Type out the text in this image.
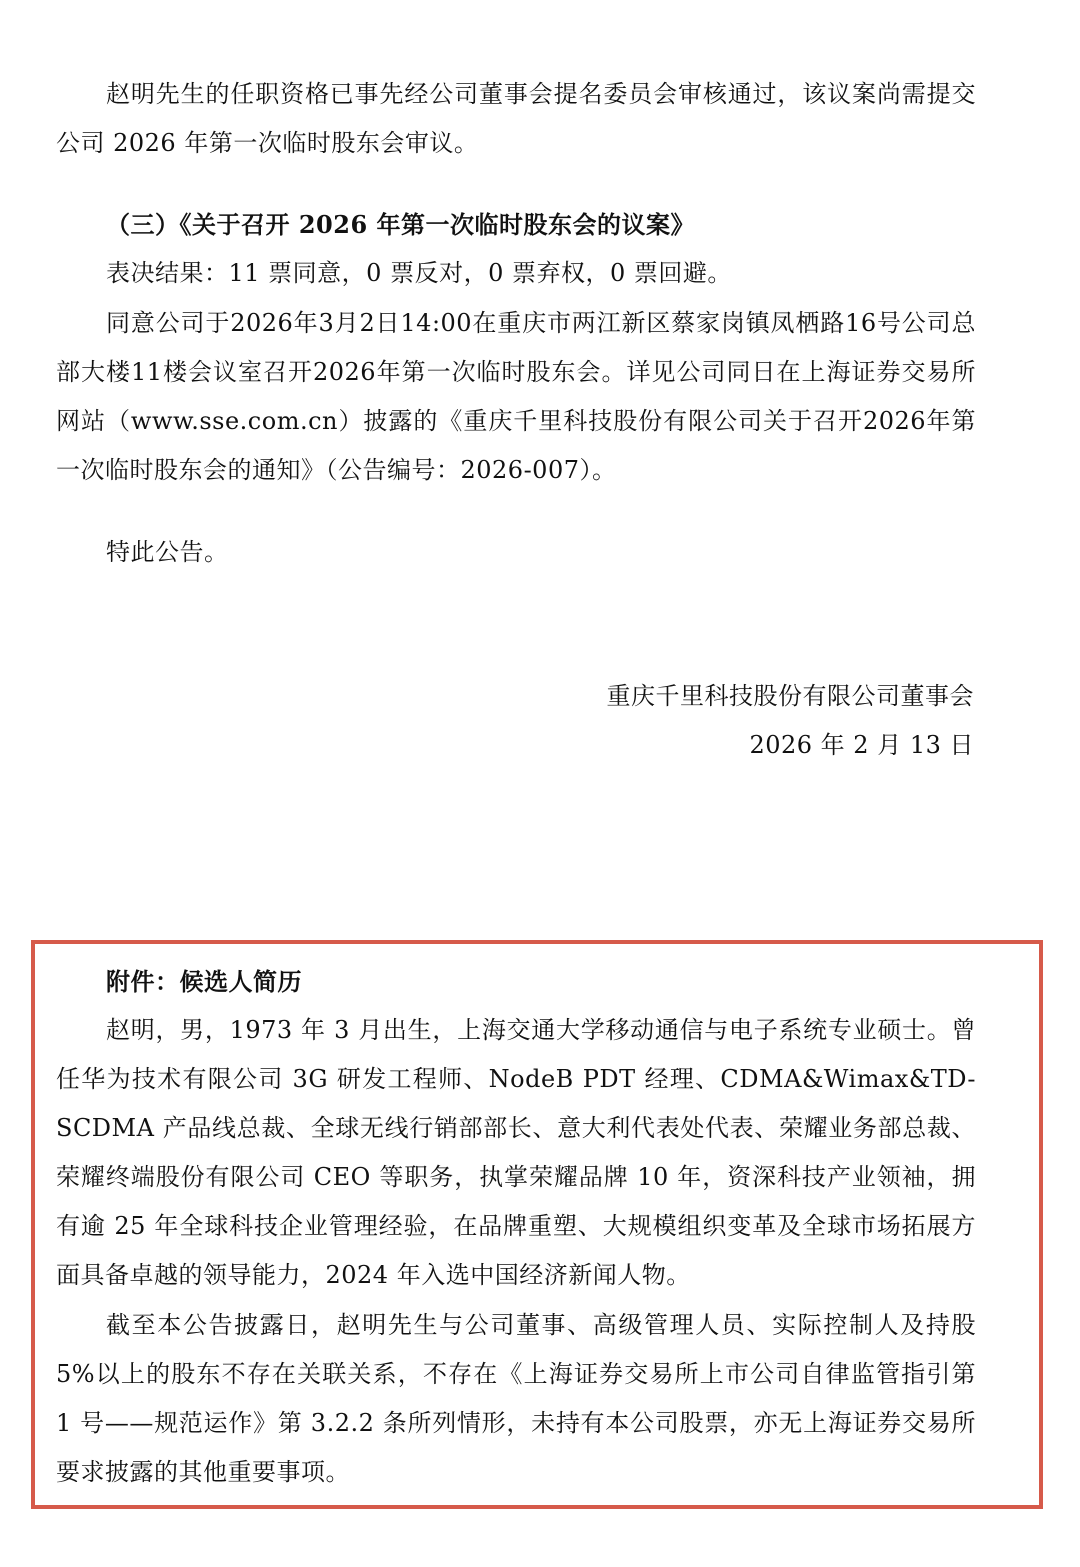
赵明先生的任职资格已事先经公司董事会提名委员会审核通过，该议案尚需提交公司 2026 年第一次临时股东会审议。

（三）《关于召开 2026 年第一次临时股东会的议案》

表决结果：11 票同意，0 票反对，0 票弃权，0 票回避。

同意公司于2026年3月2日14:00在重庆市两江新区蔡家岗镇凤栖路16号公司总部大楼11楼会议室召开2026年第一次临时股东会。详见公司同日在上海证券交易所网站（www.sse.com.cn）披露的《重庆千里科技股份有限公司关于召开2026年第一次临时股东会的通知》（公告编号：2026-007）。

特此公告。

重庆千里科技股份有限公司董事会

2026 年 2 月 13 日

附件：候选人简历

赵明，男，1973 年 3 月出生，上海交通大学移动通信与电子系统专业硕士。曾任华为技术有限公司 3G 研发工程师、NodeB PDT 经理、CDMA&Wimax&TD-SCDMA 产品线总裁、全球无线行销部部长、意大利代表处代表、荣耀业务部总裁、荣耀终端股份有限公司 CEO 等职务，执掌荣耀品牌 10 年，资深科技产业领袖，拥有逾 25 年全球科技企业管理经验，在品牌重塑、大规模组织变革及全球市场拓展方面具备卓越的领导能力，2024 年入选中国经济新闻人物。

截至本公告披露日，赵明先生与公司董事、高级管理人员、实际控制人及持股5%以上的股东不存在关联关系，不存在《上海证券交易所上市公司自律监管指引第 1 号——规范运作》第 3.2.2 条所列情形，未持有本公司股票，亦无上海证券交易所要求披露的其他重要事项。
